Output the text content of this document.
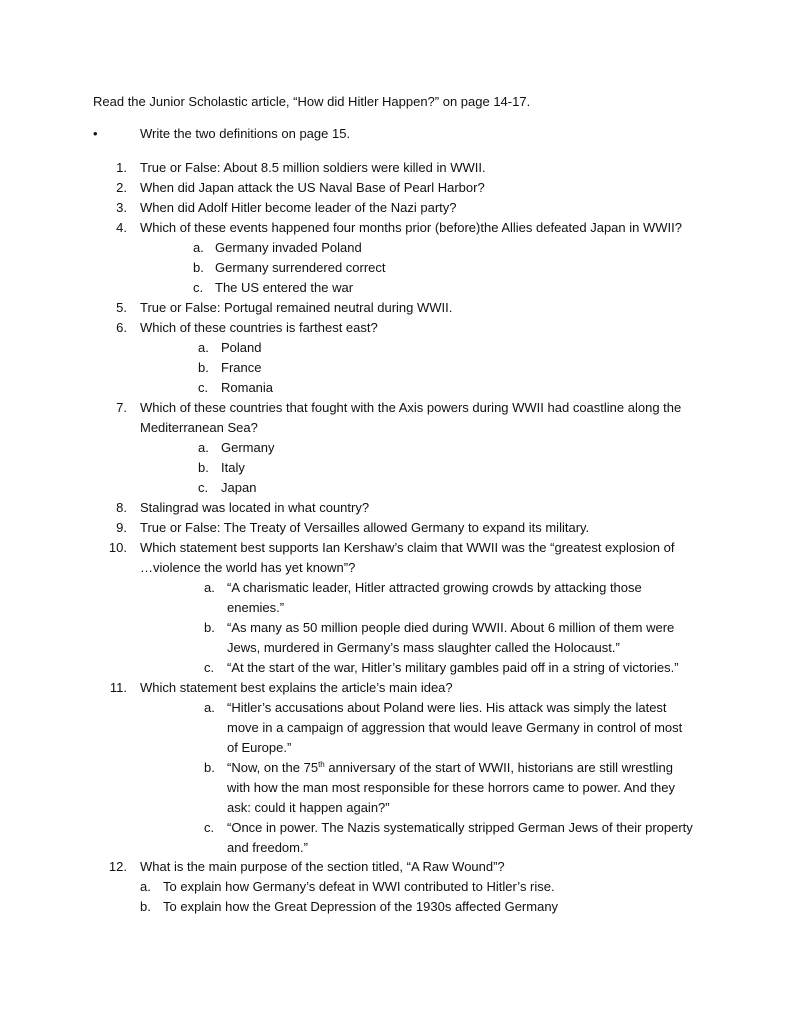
Read the Junior Scholastic article, “How did Hitler Happen?” on page 14-17.
•	Write the two definitions on page 15.
1. True or False: About 8.5 million soldiers were killed in WWII.
2. When did Japan attack the US Naval Base of Pearl Harbor?
3. When did Adolf Hitler become leader of the Nazi party?
4. Which of these events happened four months prior (before)the Allies defeated Japan in WWII?
a. Germany invaded Poland
b. Germany surrendered correct
c. The US entered the war
5. True or False: Portugal remained neutral during WWII.
6. Which of these countries is farthest east?
a. Poland
b. France
c. Romania
7. Which of these countries that fought with the Axis powers during WWII had coastline along the
Mediterranean Sea?
a. Germany
b. Italy
c. Japan
8. Stalingrad was located in what country?
9. True or False: The Treaty of Versailles allowed Germany to expand its military.
10. Which statement best supports Ian Kershaw’s claim that WWII was the “greatest explosion of
…violence the world has yet known”?
a. “A charismatic leader, Hitler attracted growing crowds by attacking those
enemies.”
b. “As many as 50 million people died during WWII. About 6 million of them were
Jews, murdered in Germany’s mass slaughter called the Holocaust.”
c. “At the start of the war, Hitler’s military gambles paid off in a string of victories.”
11. Which statement best explains the article’s main idea?
a. “Hitler’s accusations about Poland were lies. His attack was simply the latest
move in a campaign of aggression that would leave Germany in control of most
of Europe.”
b. “Now, on the 75th anniversary of the start of WWII, historians are still wrestling
with how the man most responsible for these horrors came to power. And they
ask: could it happen again?”
c. “Once in power. The Nazis systematically stripped German Jews of their property
and freedom.”
12. What is the main purpose of the section titled, “A Raw Wound”?
a. To explain how Germany’s defeat in WWI contributed to Hitler’s rise.
b. To explain how the Great Depression of the 1930s affected Germany
